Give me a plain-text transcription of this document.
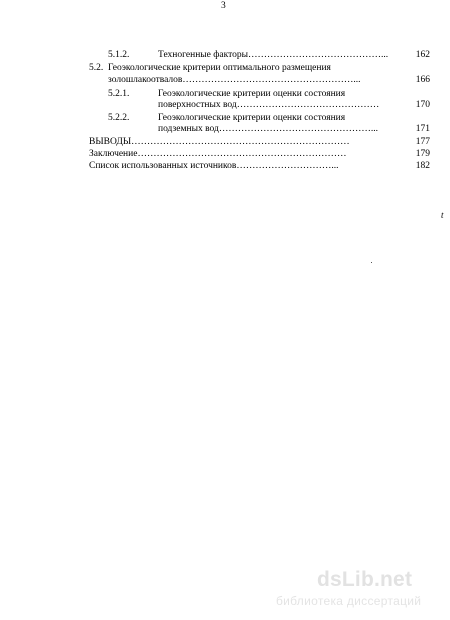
3
5.1.2.	Техногенные факторы……………………………………...	162
5.2. Геоэкологические критерии оптимального размещения
золошлакоотвалов………………………………………………...	166
5.2.1.	Геоэкологические критерии оценки состояния
поверхностных вод………………………………………	170
5.2.2.	Геоэкологические критерии оценки состояния
подземных вод…………………………………………...	171
ВЫВОДЫ……………………………………………………………	177
Заключение…………………………………………………………	179
Список использованных источников…………………………...	182
t
dsLib.net
библиотека диссертаций
